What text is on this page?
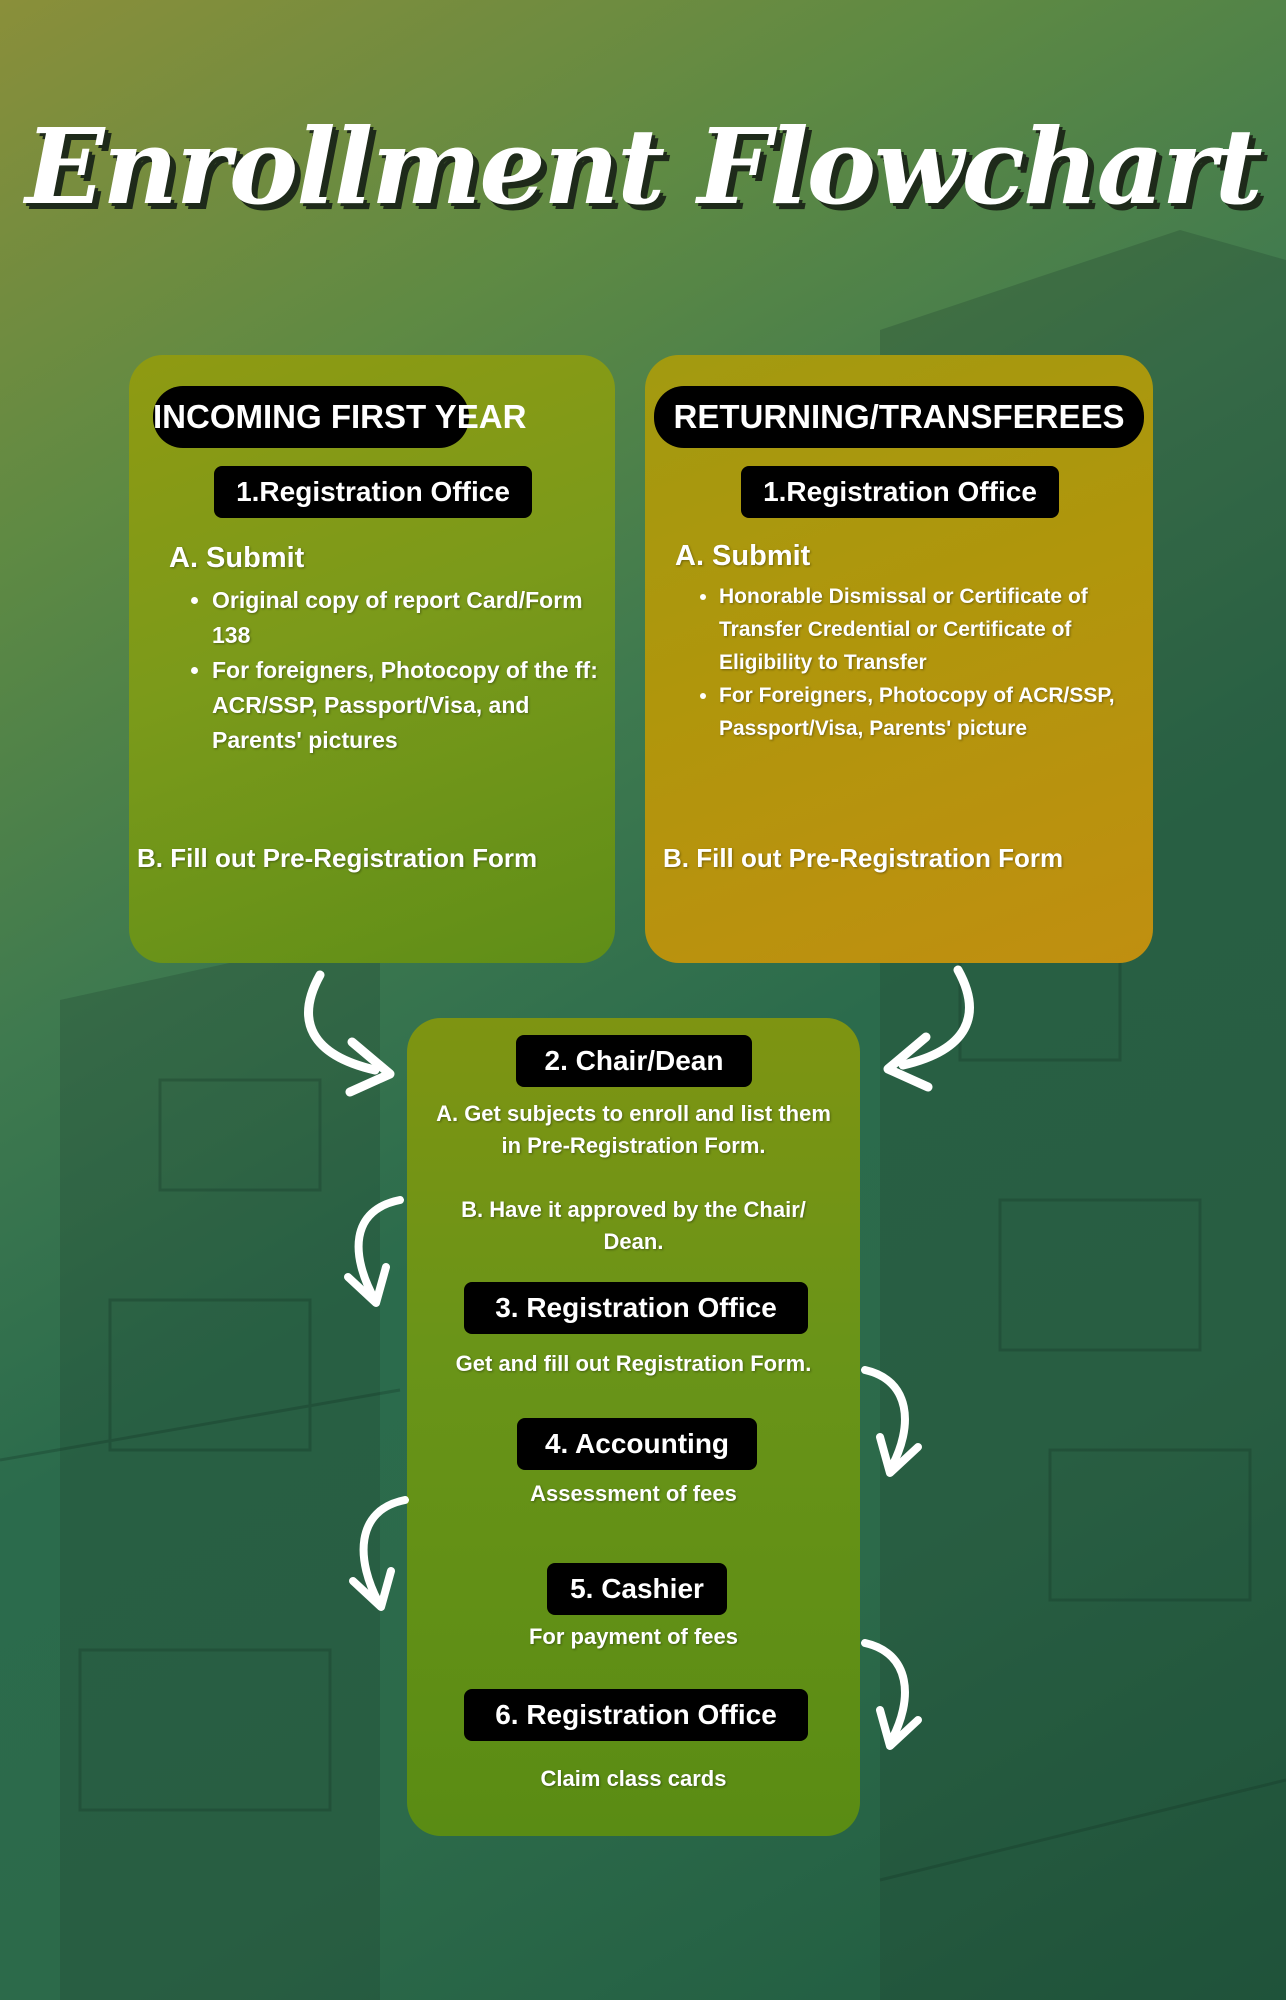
Enrollment Flowchart
INCOMING FIRST YEAR
1.Registration Office
A. Submit
• Original copy of report Card/Form 138
• For foreigners, Photocopy of the ff: ACR/SSP, Passport/Visa, and Parents' pictures
B. Fill out Pre-Registration Form
RETURNING/TRANSFEREES
1.Registration Office
A. Submit
• Honorable Dismissal or Certificate of Transfer Credential or Certificate of Eligibility to Transfer
• For Foreigners, Photocopy of ACR/SSP, Passport/Visa, Parents' picture
B. Fill out Pre-Registration Form
2. Chair/Dean
A. Get subjects to enroll and list them in Pre-Registration Form.
B. Have it approved by the Chair/ Dean.
3. Registration Office
Get and fill out Registration Form.
4. Accounting
Assessment of fees
5. Cashier
For payment of fees
6. Registration Office
Claim class cards
